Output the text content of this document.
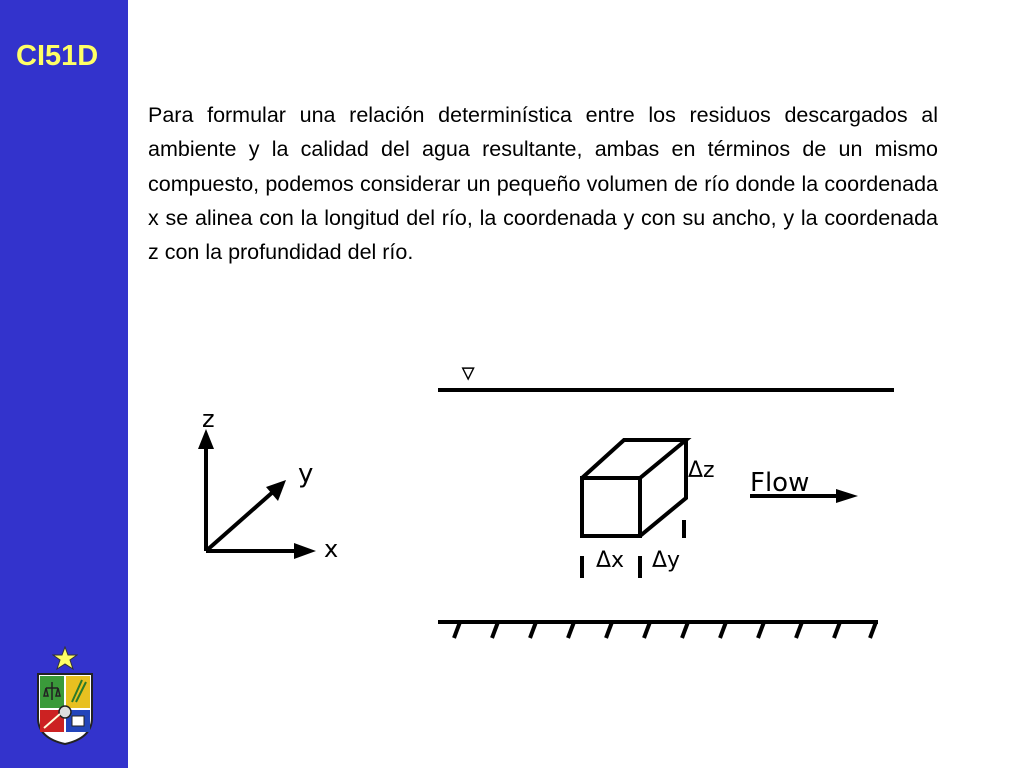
CI51D

Para formular una relación determinística entre los residuos descargados al ambiente y la calidad del agua resultante, ambas en términos de un mismo compuesto, podemos considerar un pequeño volumen de río donde la coordenada x se alinea con la longitud del río, la coordenada y con su ancho, y la coordenada z con la profundidad del río.

z
y
x
▽
Δz
Δx Δy
Flow
